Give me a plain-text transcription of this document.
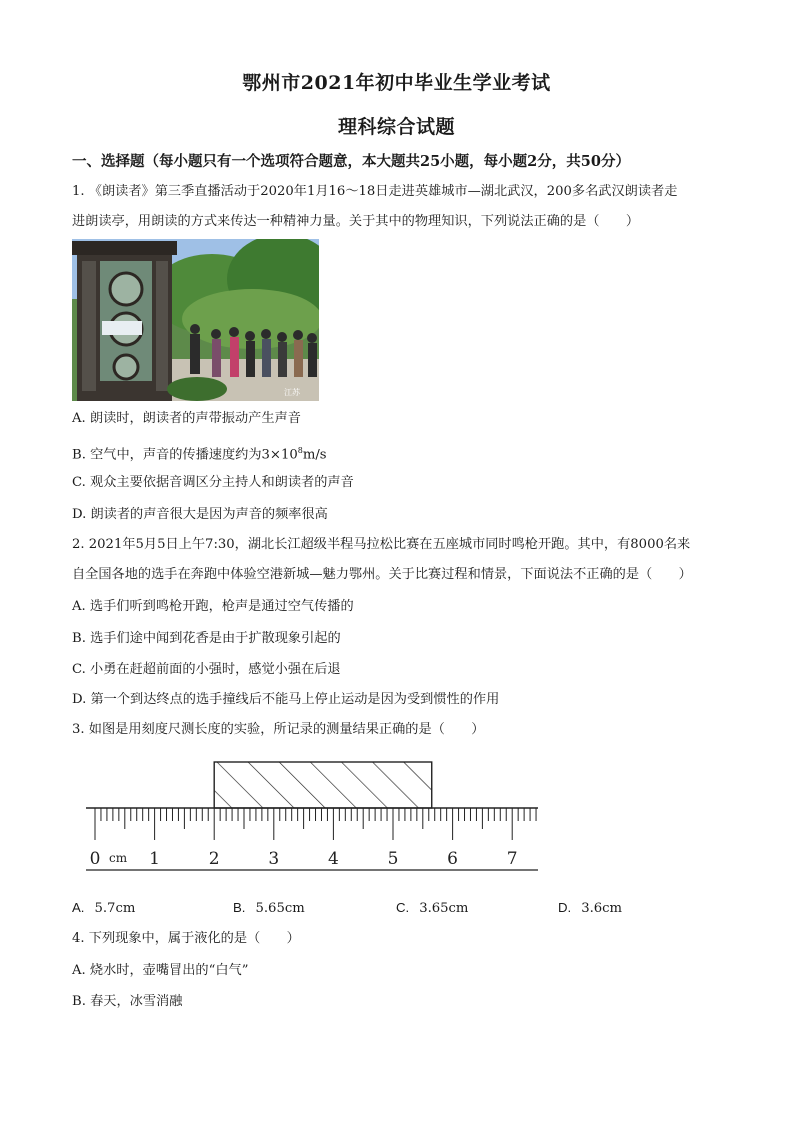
鄂州市2021年初中毕业生学业考试
理科综合试题
一、选择题（每小题只有一个选项符合题意，本大题共25小题，每小题2分，共50分）
1. 《朗读者》第三季直播活动于2020年1月16～18日走进英雄城市—湖北武汉，200多名武汉朗读者走
进朗读亭，用朗读的方式来传达一种精神力量。关于其中的物理知识，下列说法正确的是（　　）
江苏
A. 朗读时，朗读者的声带振动产生声音
B. 空气中，声音的传播速度约为$3\times 10^8m/s$
C. 观众主要依据音调区分主持人和朗读者的声音
D. 朗读者的声音很大是因为声音的频率很高
2. 2021年5月5日上午7:30，湖北长江超级半程马拉松比赛在五座城市同时鸣枪开跑。其中，有8000名来
自全国各地的选手在奔跑中体验空港新城—魅力鄂州。关于比赛过程和情景，下面说法不正确的是（　　）
A. 选手们听到鸣枪开跑，枪声是通过空气传播的
B. 选手们途中闻到花香是由于扩散现象引起的
C. 小勇在赶超前面的小强时，感觉小强在后退
D. 第一个到达终点的选手撞线后不能马上停止运动是因为受到惯性的作用
3. 如图是用刻度尺测长度的实验，所记录的测量结果正确的是（　　）
0	1	2	3	4	5	6	7
cm
A. 5.7cm	B. 5.65cm	C. 3.65cm	D. 3.6cm
4. 下列现象中，属于液化的是（　　）
A. 烧水时，壶嘴冒出的“白气”
B. 春天，冰雪消融
